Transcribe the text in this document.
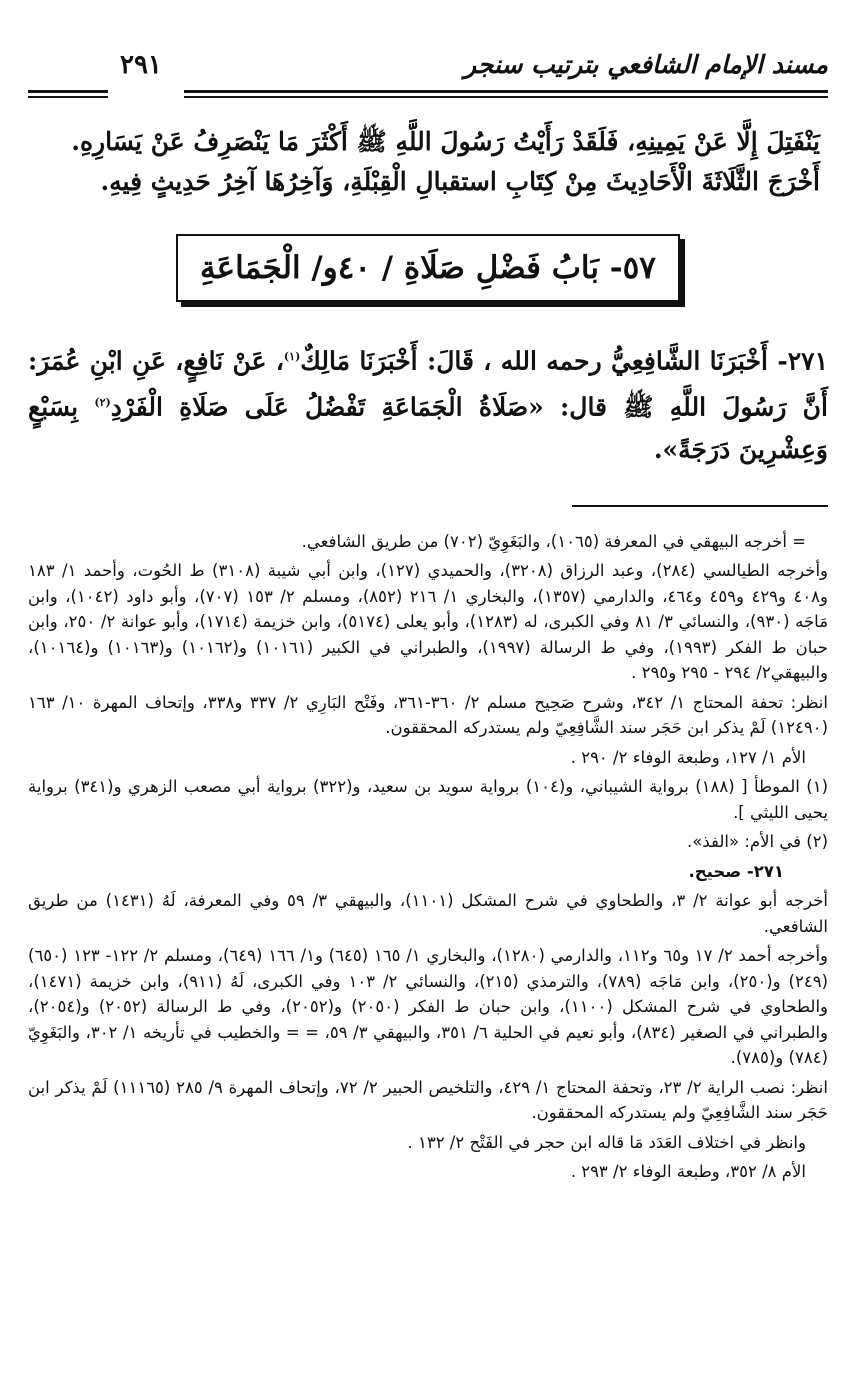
مسند الإمام الشافعي بترتيب سنجر
٢٩١

يَنْفَتِلَ إِلَّا عَنْ يَمِينِهِ، فَلَقَدْ رَأَيْتُ رَسُولَ اللَّهِ ﷺ أَكْثَرَ مَا يَنْصَرِفُ عَنْ يَسَارِهِ.

أَخْرَجَ الثَّلَاثَةَ الْأَحَادِيثَ مِنْ كِتَابِ استقبالِ الْقِبْلَةِ، وَآخِرُهَا آخِرُ حَدِيثٍ فِيهِ.

٥٧- بَابُ فَضْلِ صَلَاةِ / ٤٠و/ الْجَمَاعَةِ

٢٧١- أَخْبَرَنَا الشَّافِعِيُّ رحمه الله ، قَالَ: أَخْبَرَنَا مَالِكٌ$^{(١)}$، عَنْ نَافِعٍ، عَنِ ابْنِ عُمَرَ: أَنَّ رَسُولَ اللَّهِ ﷺ قال: «صَلَاةُ الْجَمَاعَةِ تَفْضُلُ عَلَى صَلَاةِ الْفَرْدِ$^{(٢)}$ بِسَبْعٍ وَعِشْرِينَ دَرَجَةً».

= أخرجه البيهقي في المعرفة (١٠٦٥)، والبَغَوِيّ (٧٠٢) من طريق الشافعي.

وأخرجه الطيالسي (٢٨٤)، وعبد الرزاق (٣٢٠٨)، والحميدي (١٢٧)، وابن أبي شيبة (٣١٠٨) ط الحُوت، وأحمد ١/ ١٨٣ و٤٠٨ و٤٢٩ و٤٥٩ و٤٦٤، والدارمي (١٣٥٧)، والبخاري ١/ ٢١٦ (٨٥٢)، ومسلم ٢/ ١٥٣ (٧٠٧)، وأبو داود (١٠٤٢)، وابن مَاجَه (٩٣٠)، والنسائي ٣/ ٨١ وفي الكبرى، له (١٢٨٣)، وأبو يعلى (٥١٧٤)، وابن خزيمة (١٧١٤)، وأبو عوانة ٢/ ٢٥٠، وابن حبان ط الفكر (١٩٩٣)، وفي ط الرسالة (١٩٩٧)، والطبراني في الكبير (١٠١٦١) و(١٠١٦٢) و(١٠١٦٣) و(١٠١٦٤)، والبيهقي٢/ ٢٩٤ - ٢٩٥ و٢٩٥ .

انظر: تحفة المحتاج ١/ ٣٤٢، وشرح صَحِيح مسلم ٢/ ٣٦٠-٣٦١، وفَتْح البَارِي ٢/ ٣٣٧ و٣٣٨، وإتحاف المهرة ١٠/ ١٦٣ (١٢٤٩٠) لَمْ يذكر ابن حَجَر سند الشَّافِعِيّ ولم يستدركه المحققون.

الأم ١/ ١٢٧، وطبعة الوفاء ٢/ ٢٩٠ .

(١) الموطأ [ (١٨٨) برواية الشيباني، و(١٠٤) برواية سويد بن سعيد، و(٣٢٢) برواية أبي مصعب الزهري و(٣٤١) برواية يحيى الليثي ].

(٢) في الأم: «الفذ».

٢٧١- صحيح.

أخرجه أبو عوانة ٢/ ٣، والطحاوي في شرح المشكل (١١٠١)، والبيهقي ٣/ ٥٩ وفي المعرفة، لَهُ (١٤٣١) من طريق الشافعي.

وأخرجه أحمد ٢/ ١٧ و٦٥ و١١٢، والدارمي (١٢٨٠)، والبخاري ١/ ١٦٥ (٦٤٥) و١/ ١٦٦ (٦٤٩)، ومسلم ٢/ ١٢٢- ١٢٣ (٦٥٠) (٢٤٩) و(٢٥٠)، وابن مَاجَه (٧٨٩)، والترمذي (٢١٥)، والنسائي ٢/ ١٠٣ وفي الكبرى، لَهُ (٩١١)، وابن خزيمة (١٤٧١)، والطحاوي في شرح المشكل (١١٠٠)، وابن حبان ط الفكر (٢٠٥٠) و(٢٠٥٢)، وفي ط الرسالة (٢٠٥٢) و(٢٠٥٤)، والطبراني في الصغير (٨٣٤)، وأبو نعيم في الحلية ٦/ ٣٥١، والبيهقي ٣/ ٥٩، = = والخطيب في تأريخه ١/ ٣٠٢، والبَغَوِيّ (٧٨٤) و(٧٨٥).

انظر: نصب الراية ٢/ ٢٣، وتحفة المحتاج ١/ ٤٢٩، والتلخيص الحبير ٢/ ٧٢، وإتحاف المهرة ٩/ ٢٨٥ (١١١٦٥) لَمْ يذكر ابن حَجَر سند الشَّافِعِيّ ولم يستدركه المحققون.

وانظر في اختلاف العَدَد مَا قاله ابن حجر في الفَتْح ٢/ ١٣٢ .

الأم ٨/ ٣٥٢، وطبعة الوفاء ٢/ ٢٩٣ .
